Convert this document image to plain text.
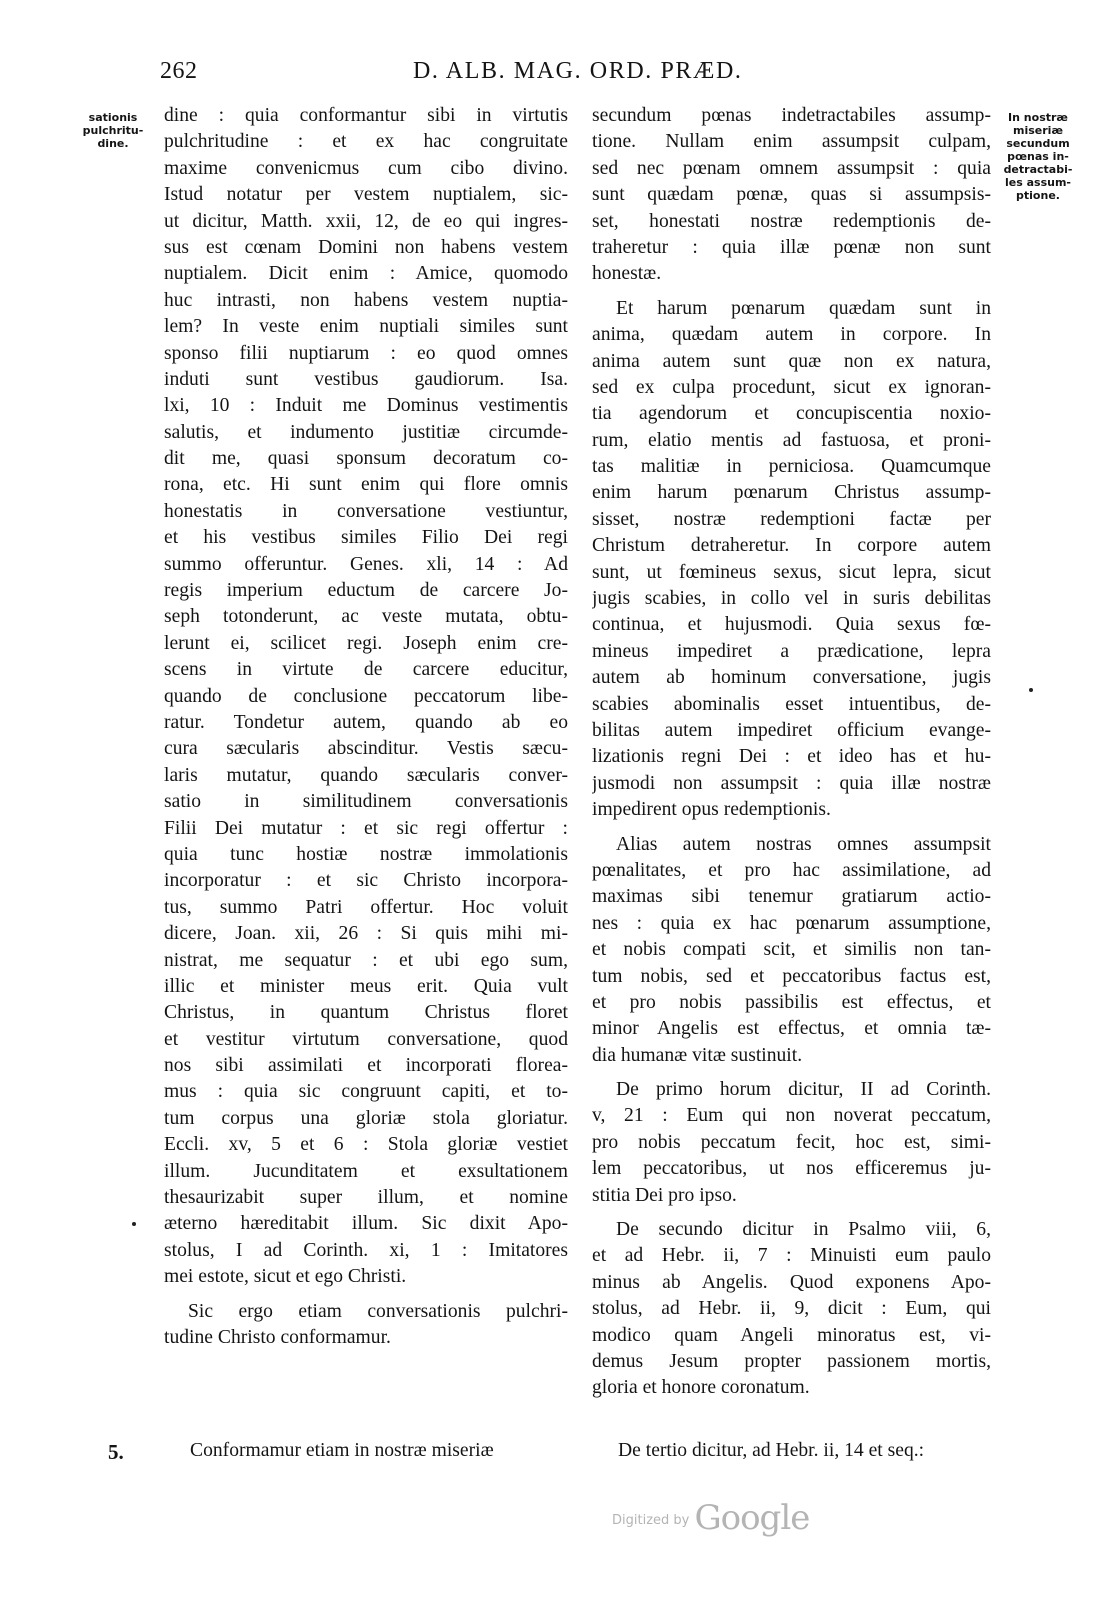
262	D. ALB. MAG. ORD. PRÆD.
sationis
pulchritu-
dine.
In nostræ
miseriæ
secundum
pœnas in-
detractabi-
les assum-
ptione.
dine : quia conformantur sibi in virtutis
pulchritudine : et ex hac congruitate
maxime convenicmus cum cibo divino.
Istud notatur per vestem nuptialem, sic-
ut dicitur, Matth. xxii, 12, de eo qui ingres-
sus est cœnam Domini non habens vestem
nuptialem. Dicit enim : Amice, quomodo
huc intrasti, non habens vestem nuptia-
lem? In veste enim nuptiali similes sunt
sponso filii nuptiarum : eo quod omnes
induti sunt vestibus gaudiorum. Isa.
lxi, 10 : Induit me Dominus vestimentis
salutis, et indumento justitiæ circumde-
dit me, quasi sponsum decoratum co-
rona, etc. Hi sunt enim qui flore omnis
honestatis in conversatione vestiuntur,
et his vestibus similes Filio Dei regi
summo offeruntur. Genes. xli, 14 : Ad
regis imperium eductum de carcere Jo-
seph totonderunt, ac veste mutata, obtu-
lerunt ei, scilicet regi. Joseph enim cre-
scens in virtute de carcere educitur,
quando de conclusione peccatorum libe-
ratur. Tondetur autem, quando ab eo
cura sæcularis abscinditur. Vestis sæcu-
laris mutatur, quando sæcularis conver-
satio in similitudinem conversationis
Filii Dei mutatur : et sic regi offertur :
quia tunc hostiæ nostræ immolationis
incorporatur : et sic Christo incorpora-
tus, summo Patri offertur. Hoc voluit
dicere, Joan. xii, 26 : Si quis mihi mi-
nistrat, me sequatur : et ubi ego sum,
illic et minister meus erit. Quia vult
Christus, in quantum Christus floret
et vestitur virtutum conversatione, quod
nos sibi assimilati et incorporati florea-
mus : quia sic congruunt capiti, et to-
tum corpus una gloriæ stola gloriatur.
Eccli. xv, 5 et 6 : Stola gloriæ vestiet
illum. Jucunditatem et exsultationem
thesaurizabit super illum, et nomine
æterno hæreditabit illum. Sic dixit Apo-
stolus, I ad Corinth. xi, 1 : Imitatores
mei estote, sicut et ego Christi.
Sic ergo etiam conversationis pulchri-
tudine Christo conformamur.
secundum pœnas indetractabiles assump-
tione. Nullam enim assumpsit culpam,
sed nec pœnam omnem assumpsit : quia
sunt quædam pœnæ, quas si assumpsis-
set, honestati nostræ redemptionis de-
traheretur : quia illæ pœnæ non sunt
honestæ.
Et harum pœnarum quædam sunt in
anima, quædam autem in corpore. In
anima autem sunt quæ non ex natura,
sed ex culpa procedunt, sicut ex ignoran-
tia agendorum et concupiscentia noxio-
rum, elatio mentis ad fastuosa, et proni-
tas malitiæ in perniciosa. Quamcumque
enim harum pœnarum Christus assump-
sisset, nostræ redemptioni factæ per
Christum detraheretur. In corpore autem
sunt, ut fœmineus sexus, sicut lepra, sicut
jugis scabies, in collo vel in suris debilitas
continua, et hujusmodi. Quia sexus fœ-
mineus impediret a prædicatione, lepra
autem ab hominum conversatione, jugis
scabies abominalis esset intuentibus, de-
bilitas autem impediret officium evange-
lizationis regni Dei : et ideo has et hu-
jusmodi non assumpsit : quia illæ nostræ
impedirent opus redemptionis.
Alias autem nostras omnes assumpsit
pœnalitates, et pro hac assimilatione, ad
maximas sibi tenemur gratiarum actio-
nes : quia ex hac pœnarum assumptione,
et nobis compati scit, et similis non tan-
tum nobis, sed et peccatoribus factus est,
et pro nobis passibilis est effectus, et
minor Angelis est effectus, et omnia tæ-
dia humanæ vitæ sustinuit.
De primo horum dicitur, II ad Corinth.
v, 21 : Eum qui non noverat peccatum,
pro nobis peccatum fecit, hoc est, simi-
lem peccatoribus, ut nos efficeremus ju-
stitia Dei pro ipso.
De secundo dicitur in Psalmo viii, 6,
et ad Hebr. ii, 7 : Minuisti eum paulo
minus ab Angelis. Quod exponens Apo-
stolus, ad Hebr. ii, 9, dicit : Eum, qui
modico quam Angeli minoratus est, vi-
demus Jesum propter passionem mortis,
gloria et honore coronatum.
5.	Conformamur etiam in nostræ miseriæ	De tertio dicitur, ad Hebr. ii, 14 et seq.:
$^{Digitized by}$ Google
